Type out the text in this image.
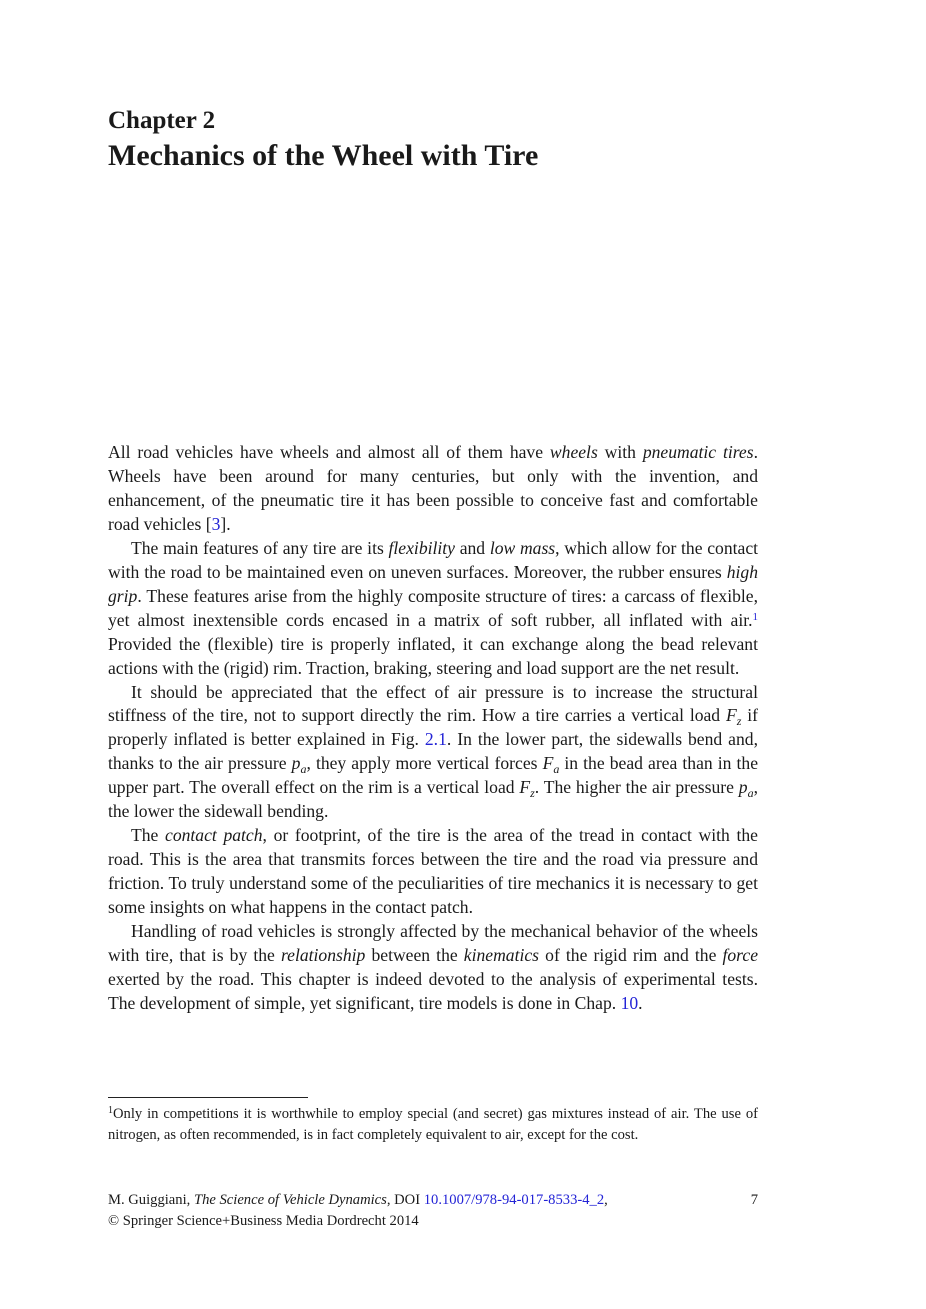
Chapter 2
Mechanics of the Wheel with Tire

All road vehicles have wheels and almost all of them have wheels with pneumatic tires. Wheels have been around for many centuries, but only with the invention, and enhancement, of the pneumatic tire it has been possible to conceive fast and comfortable road vehicles [3].

The main features of any tire are its flexibility and low mass, which allow for the contact with the road to be maintained even on uneven surfaces. Moreover, the rubber ensures high grip. These features arise from the highly composite structure of tires: a carcass of flexible, yet almost inextensible cords encased in a matrix of soft rubber, all inflated with air.$^1$ Provided the (flexible) tire is properly inflated, it can exchange along the bead relevant actions with the (rigid) rim. Traction, braking, steering and load support are the net result.

It should be appreciated that the effect of air pressure is to increase the structural stiffness of the tire, not to support directly the rim. How a tire carries a vertical load $F_z$ if properly inflated is better explained in Fig. 2.1. In the lower part, the sidewalls bend and, thanks to the air pressure $p_a$, they apply more vertical forces $F_a$ in the bead area than in the upper part. The overall effect on the rim is a vertical load $F_z$. The higher the air pressure $p_a$, the lower the sidewall bending.

The contact patch, or footprint, of the tire is the area of the tread in contact with the road. This is the area that transmits forces between the tire and the road via pressure and friction. To truly understand some of the peculiarities of tire mechanics it is necessary to get some insights on what happens in the contact patch.

Handling of road vehicles is strongly affected by the mechanical behavior of the wheels with tire, that is by the relationship between the kinematics of the rigid rim and the force exerted by the road. This chapter is indeed devoted to the analysis of experimental tests. The development of simple, yet significant, tire models is done in Chap. 10.

$^1$Only in competitions it is worthwhile to employ special (and secret) gas mixtures instead of air. The use of nitrogen, as often recommended, is in fact completely equivalent to air, except for the cost.
M. Guiggiani, The Science of Vehicle Dynamics, DOI 10.1007/978-94-017-8533-4_2,	7
© Springer Science+Business Media Dordrecht 2014
